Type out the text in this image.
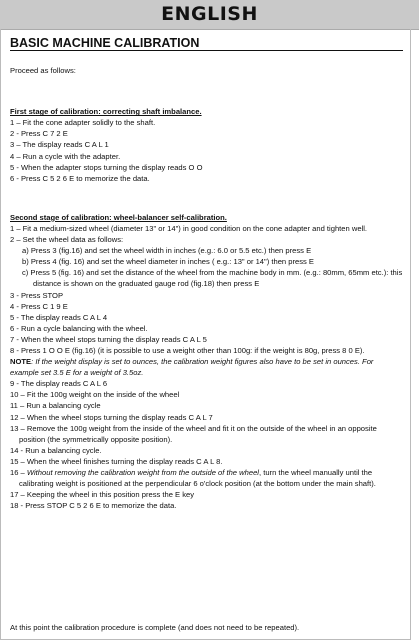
ENGLISH
BASIC MACHINE CALIBRATION
Proceed as follows:
First stage of calibration: correcting shaft imbalance.
1 – Fit the cone adapter solidly to the shaft.
2 - Press C 7 2 E
3 – The display reads C A L 1
4 – Run a cycle with the adapter.
5 - When the adapter stops turning the display reads O O
6 - Press C 5 2 6 E to memorize the data.
Second stage of calibration: wheel-balancer self-calibration.
1 – Fit a medium-sized wheel (diameter 13" or 14") in good condition on the cone adapter and tighten well.
2 – Set the wheel data as follows:
a) Press 3 (fig.16) and set the wheel width in inches (e.g.: 6.0 or 5.5 etc.) then press E
b) Press 4 (fig. 16) and set the wheel diameter in inches ( e.g.: 13" or 14") then press E
c) Press 5 (fig. 16) and set the distance of the wheel from the machine body in mm. (e.g.: 80mm, 65mm etc.): this distance is shown on the graduated gauge rod (fig.18) then press E
3 - Press STOP
4 - Press C 1 9 E
5 - The display reads C A L 4
6 - Run a cycle balancing with the wheel.
7 - When the wheel stops turning the display reads C A L 5
8 - Press 1 O O E (fig.16) (it is possible to use a weight other than 100g: if the weight is 80g, press 8 0 E).
NOTE: If the weight display is set to ounces, the calibration weight figures also have to be set in ounces. For example set 3.5 E for a weight of 3.5oz.
9 - The display reads C A L 6
10 – Fit the 100g weight on the inside of the wheel
11 – Run a balancing cycle
12 – When the wheel stops turning the display reads C A L 7
13 – Remove the 100g weight from the inside of the wheel and fit it on the outside of the wheel in an opposite position (the symmetrically opposite position).
14 - Run a balancing cycle.
15 – When the wheel finishes turning the display reads C A L 8.
16 – Without removing the calibration weight from the outside of the wheel, turn the wheel manually until the calibrating weight is positioned at the perpendicular 6 o'clock position (at the bottom under the main shaft).
17 – Keeping the wheel in this position press the E key
18 - Press STOP C 5 2 6 E to memorize the data.
At this point the calibration procedure is complete (and does not need to be repeated).
